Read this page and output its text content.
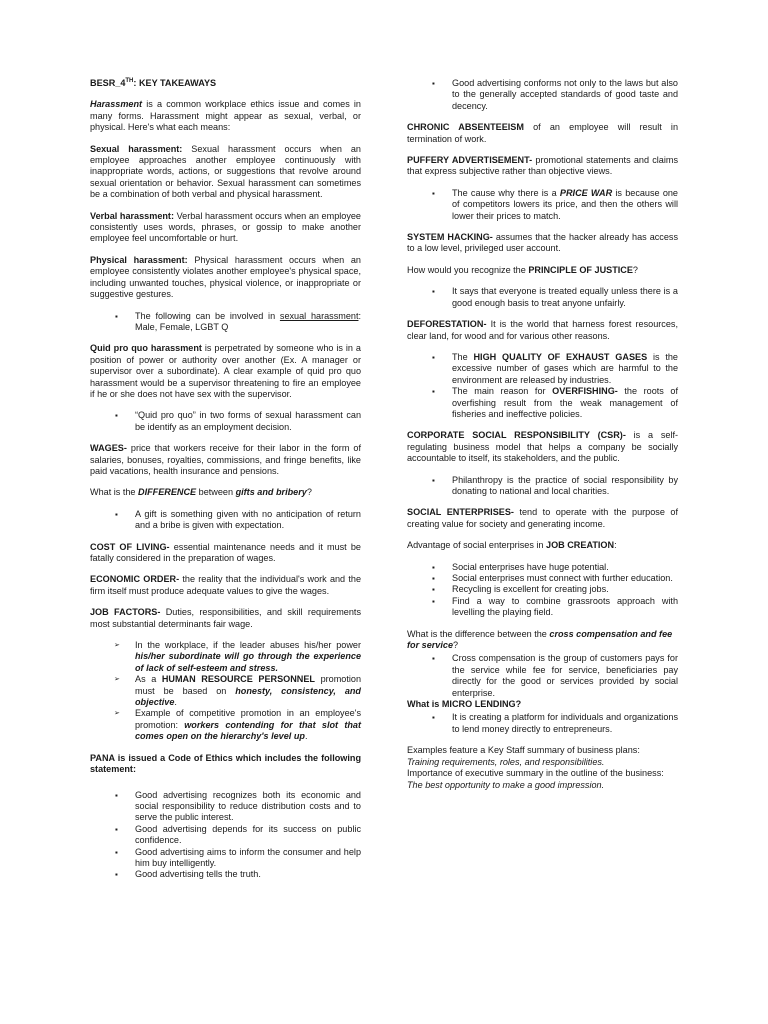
BESR_4TH: KEY TAKEAWAYS

Harassment is a common workplace ethics issue and comes in many forms. Harassment might appear as sexual, verbal, or physical. Here's what each means:

Sexual harassment: Sexual harassment occurs when an employee approaches another employee continuously with inappropriate words, actions, or suggestions that revolve around sexual orientation or behavior. Sexual harassment can sometimes be a combination of both verbal and physical harassment.

Verbal harassment: Verbal harassment occurs when an employee consistently uses words, phrases, or gossip to make another employee feel uncomfortable or hurt.

Physical harassment: Physical harassment occurs when an employee consistently violates another employee's physical space, including unwanted touches, physical violence, or inappropriate or suggestive gestures.

▪ The following can be involved in sexual harassment: Male, Female, LGBT Q

Quid pro quo harassment is perpetrated by someone who is in a position of power or authority over another (Ex. A manager or supervisor over a subordinate). A clear example of quid pro quo harassment would be a supervisor threatening to fire an employee if he or she does not have sex with the supervisor.

▪ “Quid pro quo” in two forms of sexual harassment can be identify as an employment decision.

WAGES- price that workers receive for their labor in the form of salaries, bonuses, royalties, commissions, and fringe benefits, like paid vacations, health insurance and pensions.

What is the DIFFERENCE between gifts and bribery?

▪ A gift is something given with no anticipation of return and a bribe is given with expectation.

COST OF LIVING- essential maintenance needs and it must be fatally considered in the preparation of wages.

ECONOMIC ORDER- the reality that the individual's work and the firm itself must produce adequate values to give the wages.

JOB FACTORS- Duties, responsibilities, and skill requirements most substantial determinants fair wage.

➢ In the workplace, if the leader abuses his/her power his/her subordinate will go through the experience of lack of self-esteem and stress.
➢ As a HUMAN RESOURCE PERSONNEL promotion must be based on honesty, consistency, and objective.
➢ Example of competitive promotion in an employee's promotion: workers contending for that slot that comes open on the hierarchy's level up.

PANA is issued a Code of Ethics which includes the following statement:

▪ Good advertising recognizes both its economic and social responsibility to reduce distribution costs and to serve the public interest.
▪ Good advertising depends for its success on public confidence.
▪ Good advertising aims to inform the consumer and help him buy intelligently.
▪ Good advertising tells the truth.
▪ Good advertising conforms not only to the laws but also to the generally accepted standards of good taste and decency.

CHRONIC ABSENTEEISM of an employee will result in termination of work.

PUFFERY ADVERTISEMENT- promotional statements and claims that express subjective rather than objective views.

▪ The cause why there is a PRICE WAR is because one of competitors lowers its price, and then the others will lower their prices to match.

SYSTEM HACKING- assumes that the hacker already has access to a low level, privileged user account.

How would you recognize the PRINCIPLE OF JUSTICE?

▪ It says that everyone is treated equally unless there is a good enough basis to treat anyone unfairly.

DEFORESTATION- It is the world that harness forest resources, clear land, for wood and for various other reasons.

▪ The HIGH QUALITY OF EXHAUST GASES is the excessive number of gases which are harmful to the environment are released by industries.
▪ The main reason for OVERFISHING- the roots of overfishing result from the weak management of fisheries and ineffective policies.

CORPORATE SOCIAL RESPONSIBILITY (CSR)- is a self-regulating business model that helps a company be socially accountable to itself, its stakeholders, and the public.

▪ Philanthropy is the practice of social responsibility by donating to national and local charities.

SOCIAL ENTERPRISES- tend to operate with the purpose of creating value for society and generating income.

Advantage of social enterprises in JOB CREATION:

▪ Social enterprises have huge potential.
▪ Social enterprises must connect with further education.
▪ Recycling is excellent for creating jobs.
▪ Find a way to combine grassroots approach with levelling the playing field.

What is the difference between the cross compensation and fee for service?

▪ Cross compensation is the group of customers pays for the service while fee for service, beneficiaries pay directly for the good or services provided by social enterprise.

What is MICRO LENDING?

▪ It is creating a platform for individuals and organizations to lend money directly to entrepreneurs.

Examples feature a Key Staff summary of business plans:
Training requirements, roles, and responsibilities.
Importance of executive summary in the outline of the business: The best opportunity to make a good impression.
